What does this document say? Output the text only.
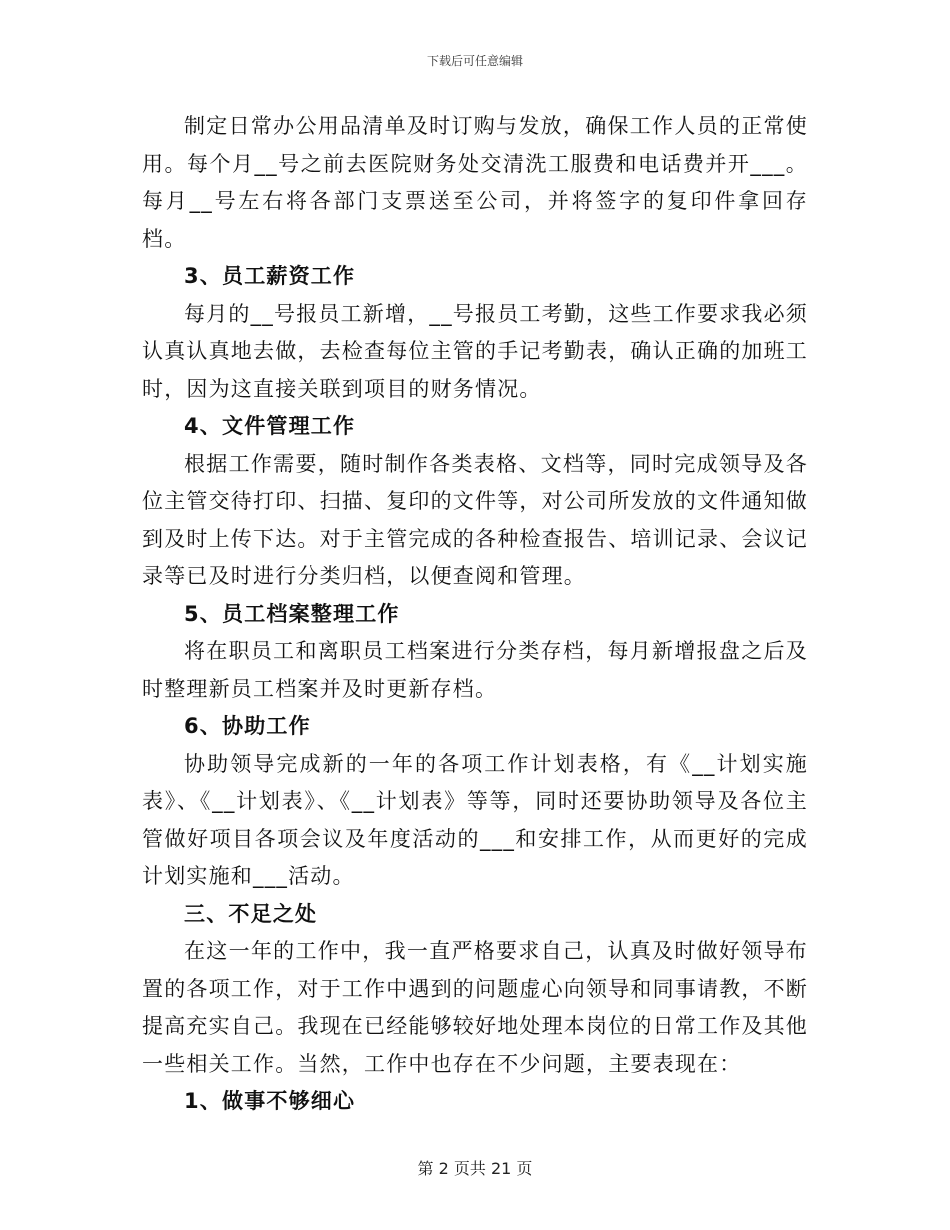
下载后可任意编辑

制定日常办公用品清单及时订购与发放，确保工作人员的正常使用。每个月__号之前去医院财务处交清洗工服费和电话费并开___。每月__号左右将各部门支票送至公司，并将签字的复印件拿回存档。

3、员工薪资工作

每月的__号报员工新增，__号报员工考勤，这些工作要求我必须认真认真地去做，去检查每位主管的手记考勤表，确认正确的加班工时，因为这直接关联到项目的财务情况。

4、文件管理工作

根据工作需要，随时制作各类表格、文档等，同时完成领导及各位主管交待打印、扫描、复印的文件等，对公司所发放的文件通知做到及时上传下达。对于主管完成的各种检查报告、培训记录、会议记录等已及时进行分类归档，以便查阅和管理。

5、员工档案整理工作

将在职员工和离职员工档案进行分类存档，每月新增报盘之后及时整理新员工档案并及时更新存档。

6、协助工作

协助领导完成新的一年的各项工作计划表格，有《__计划实施表》、《__计划表》、《__计划表》等等，同时还要协助领导及各位主管做好项目各项会议及年度活动的___和安排工作，从而更好的完成计划实施和___活动。

三、不足之处

在这一年的工作中，我一直严格要求自己，认真及时做好领导布置的各项工作，对于工作中遇到的问题虚心向领导和同事请教，不断提高充实自己。我现在已经能够较好地处理本岗位的日常工作及其他一些相关工作。当然，工作中也存在不少问题，主要表现在：

1、做事不够细心
第 2 页共 21 页
